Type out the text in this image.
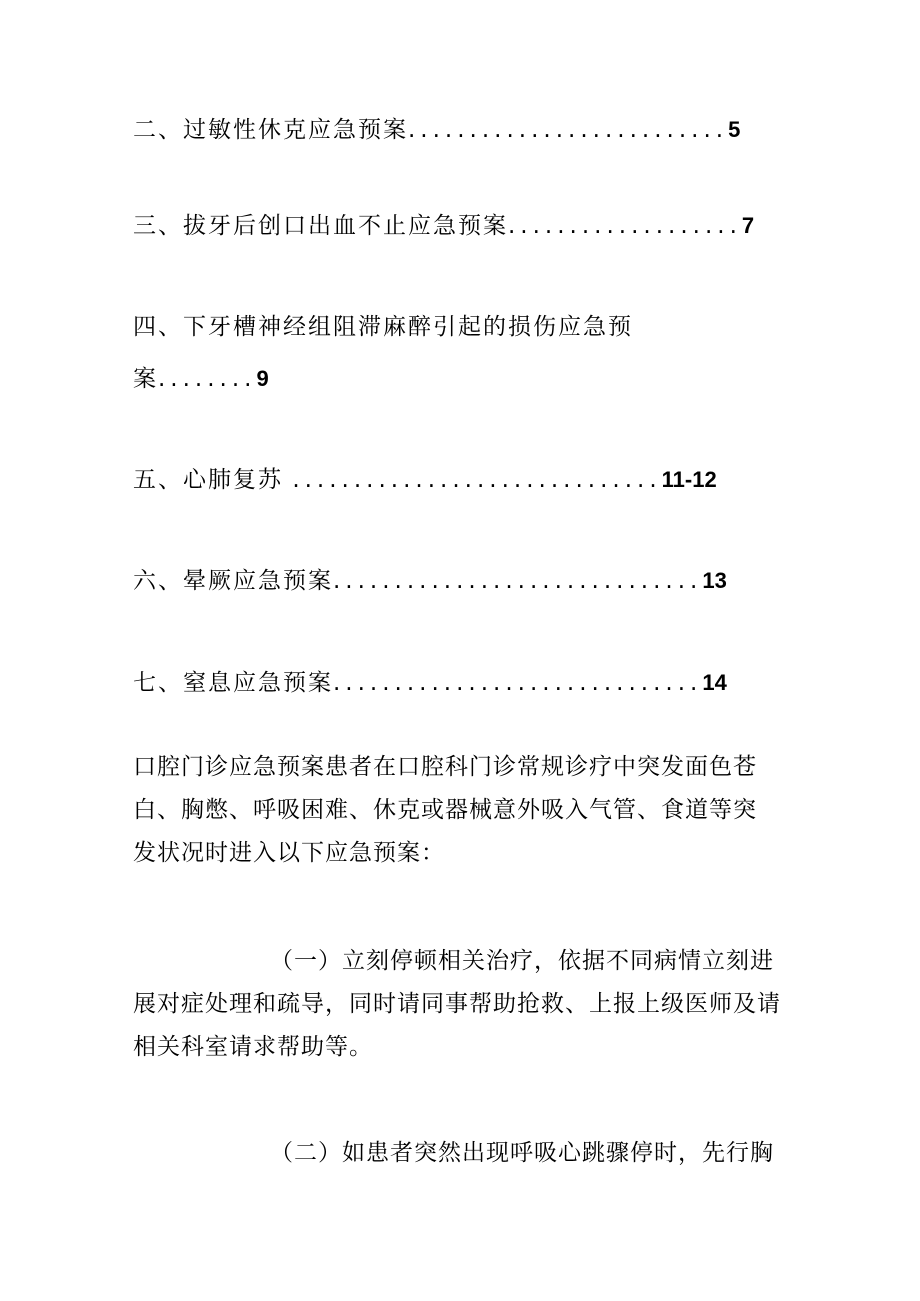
二、过敏性休克应急预案..........................5
三、拔牙后创口出血不止应急预案...................7
四、下牙槽神经组阻滞麻醉引起的损伤应急预
案........9
五、心肺复苏 ..............................11-12
六、晕厥应急预案..............................13
七、窒息应急预案..............................14
口腔门诊应急预案患者在口腔科门诊常规诊疗中突发面色苍
白、胸憋、呼吸困难、休克或器械意外吸入气管、食道等突
发状况时进入以下应急预案：
（一）立刻停顿相关治疗，依据不同病情立刻进
展对症处理和疏导，同时请同事帮助抢救、上报上级医师及请
相关科室请求帮助等。
（二）如患者突然出现呼吸心跳骤停时，先行胸
